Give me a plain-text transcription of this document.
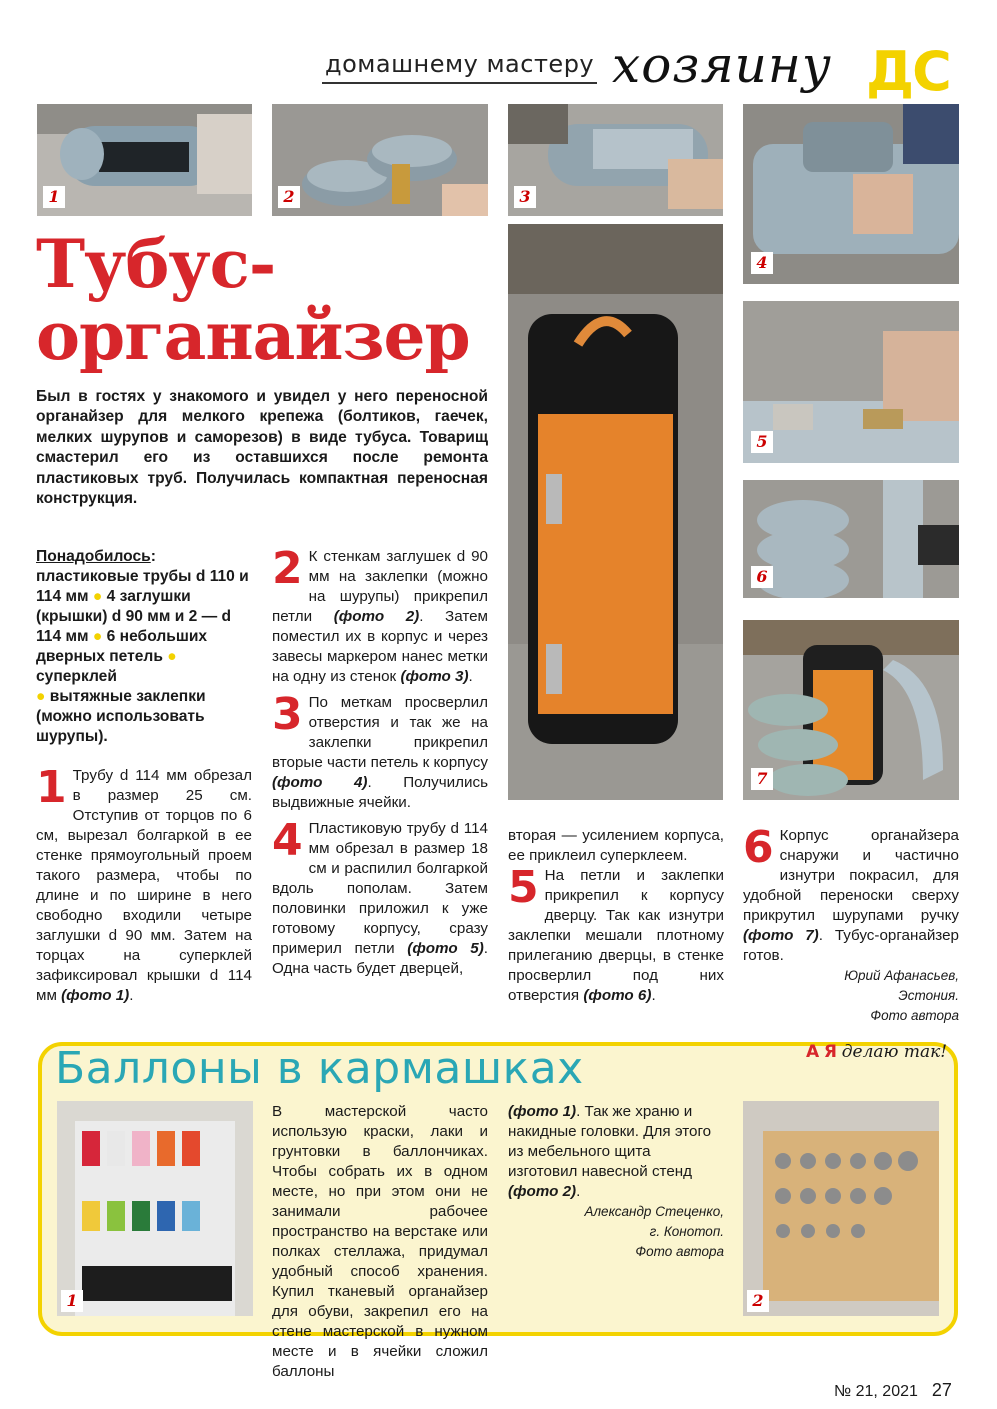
домашнему мастеру хозяину ДС
1	2	3
4
5
6
7
Тубус-
органайзер
Был в гостях у знакомого и увидел у него переносной органайзер для мелкого крепежа (болтиков, гаечек, мелких шурупов и саморезов) в виде тубуса. Товарищ смастерил его из оставшихся после ремонта пластиковых труб. Получилась компактная переносная конструкция.
Понадобилось: пластиковые трубы d 110 и 114 мм ● 4 заглушки (крышки) d 90 мм и 2 — d 114 мм ● 6 небольших дверных петель ● суперклей
● вытяжные заклепки (можно использовать шурупы).
1 Трубу d 114 мм обрезал в размер 25 см. Отступив от торцов по 6 см, вырезал болгаркой в ее стенке прямоугольный проем такого размера, чтобы по длине и по ширине в него свободно входили четыре заглушки d 90 мм. Затем на торцах на суперклей зафиксировал крышки d 114 мм (фото 1).
2 К стенкам заглушек d 90 мм на заклепки (можно на шурупы) прикрепил петли (фото 2). Затем поместил их в корпус и через завесы маркером нанес метки на одну из стенок (фото 3).
3 По меткам просверлил отверстия и так же на заклепки прикрепил вторые части петель к корпусу (фото 4). Получились выдвижные ячейки.
4 Пластиковую трубу d 114 мм обрезал в размер 18 см и распилил болгаркой вдоль пополам. Затем половинки приложил к уже готовому корпусу, сразу примерил петли (фото 5). Одна часть будет дверцей,
вторая — усилением корпуса, ее приклеил суперклеем.
5 На петли и заклепки прикрепил к корпусу дверцу. Так как изнутри заклепки мешали плотному прилеганию дверцы, в стенке просверлил под них отверстия (фото 6).
6 Корпус органайзера снаружи и частично изнутри покрасил, для удобной переноски сверху прикрутил шурупами ручку (фото 7). Тубус-органайзер готов.
Юрий Афанасьев,
Эстония.
Фото автора
А Я делаю так!
Баллоны в кармашках
1
В мастерской часто использую краски, лаки и грунтовки в баллончиках. Чтобы собрать их в одном месте, но при этом они не занимали рабочее пространство на верстаке или полках стеллажа, придумал удобный способ хранения. Купил тканевый органайзер для обуви, закрепил его на стене мастерской в нужном месте и в ячейки сложил баллоны
(фото 1). Так же храню и накидные головки. Для этого из мебельного щита изготовил навесной стенд (фото 2).
Александр Стеценко,
г. Конотоп.
Фото автора
2
№ 21, 2021 27
